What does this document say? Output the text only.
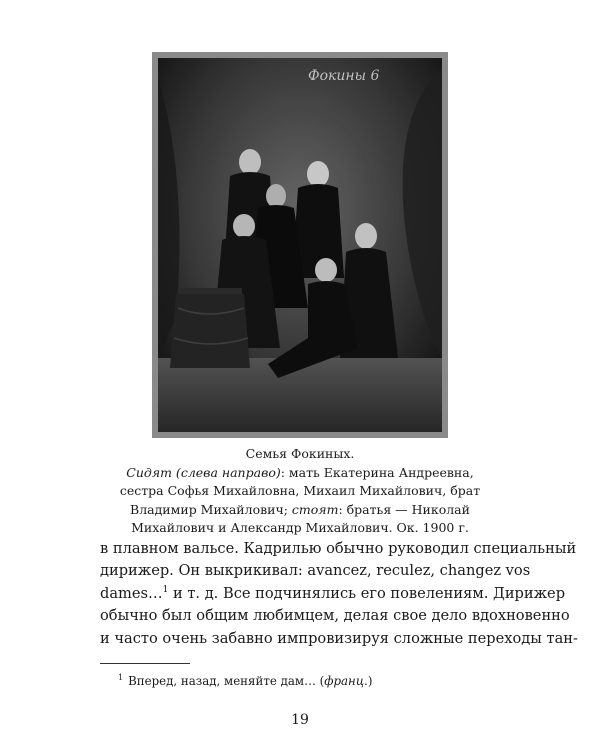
Фокины 6

Семья Фокиных.

Сидят (слева направо): мать Екатерина Андреевна,

сестра Софья Михайловна, Михаил Михайлович, брат

Владимир Михайлович; стоят: братья — Николай

Михайлович и Александр Михайлович. Ок. 1900 г.

в плавном вальсе. Кадрилью обычно руководил специальный
дирижер. Он выкрикивал: avancez, reculez, changez vos
dames…$^1$ и т. д. Все подчинялись его повелениям. Дирижер
обычно был общим любимцем, делая свое дело вдохновенно
и часто очень забавно импровизируя сложные переходы тан-
$^1$ Вперед, назад, меняйте дам… (франц.)
19
